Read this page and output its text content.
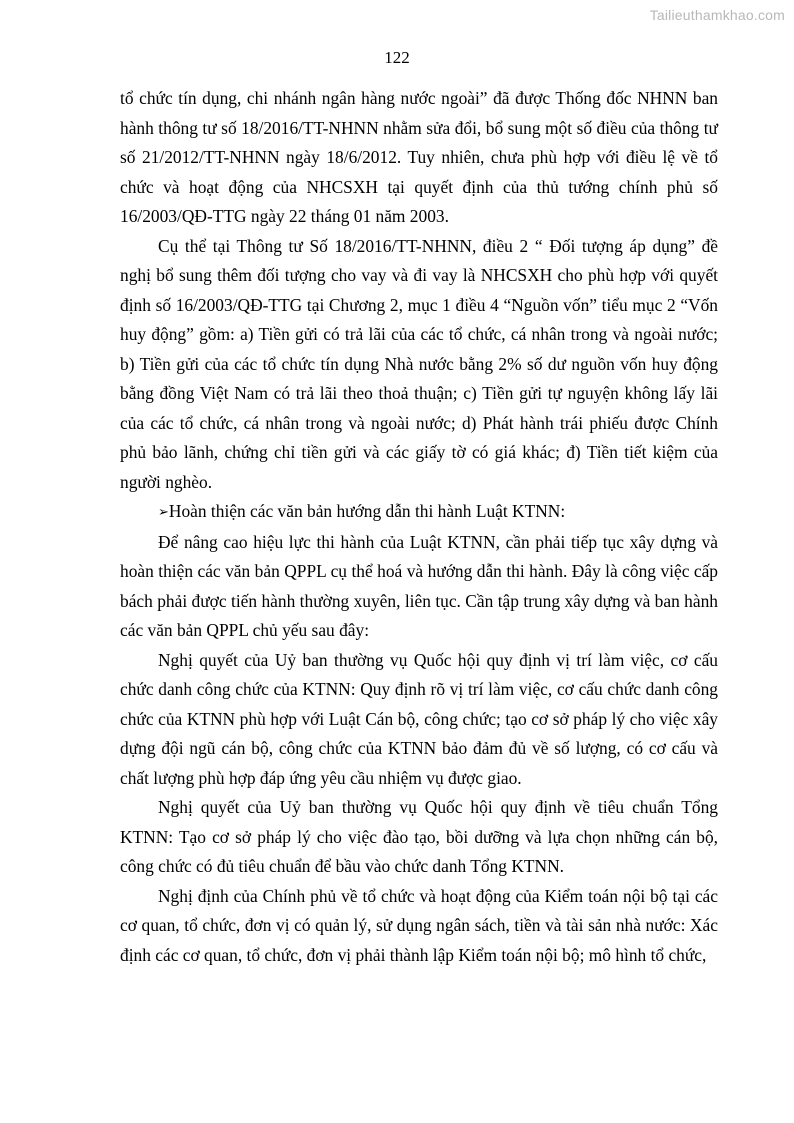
Tailieuthamkhao.com
122

tổ chức tín dụng, chi nhánh ngân hàng nước ngoài” đã được Thống đốc NHNN ban hành thông tư số 18/2016/TT-NHNN nhằm sửa đổi, bổ sung một số điều của thông tư số 21/2012/TT-NHNN ngày 18/6/2012. Tuy nhiên, chưa phù hợp với điều lệ về tổ chức và hoạt động của NHCSXH tại quyết định của thủ tướng chính phủ số 16/2003/QĐ-TTG ngày 22 tháng 01 năm 2003.

Cụ thể tại Thông tư Số 18/2016/TT-NHNN, điều 2 “ Đối tượng áp dụng” đề nghị bổ sung thêm đối tượng cho vay và đi vay là NHCSXH cho phù hợp với quyết định số 16/2003/QĐ-TTG tại Chương 2, mục 1 điều 4 “Nguồn vốn” tiểu mục 2 “Vốn huy động” gồm: a) Tiền gửi có trả lãi của các tổ chức, cá nhân trong và ngoài nước; b) Tiền gửi của các tổ chức tín dụng Nhà nước bằng 2% số dư nguồn vốn huy động bằng đồng Việt Nam có trả lãi theo thoả thuận; c) Tiền gửi tự nguyện không lấy lãi của các tổ chức, cá nhân trong và ngoài nước; d) Phát hành trái phiếu được Chính phủ bảo lãnh, chứng chỉ tiền gửi và các giấy tờ có giá khác; đ) Tiền tiết kiệm của người nghèo.

➢Hoàn thiện các văn bản hướng dẫn thi hành Luật KTNN:

Để nâng cao hiệu lực thi hành của Luật KTNN, cần phải tiếp tục xây dựng và hoàn thiện các văn bản QPPL cụ thể hoá và hướng dẫn thi hành. Đây là công việc cấp bách phải được tiến hành thường xuyên, liên tục. Cần tập trung xây dựng và ban hành các văn bản QPPL chủ yếu sau đây:

Nghị quyết của Uỷ ban thường vụ Quốc hội quy định vị trí làm việc, cơ cấu chức danh công chức của KTNN: Quy định rõ vị trí làm việc, cơ cấu chức danh công chức của KTNN phù hợp với Luật Cán bộ, công chức; tạo cơ sở pháp lý cho việc xây dựng đội ngũ cán bộ, công chức của KTNN bảo đảm đủ về số lượng, có cơ cấu và chất lượng phù hợp đáp ứng yêu cầu nhiệm vụ được giao.

Nghị quyết của Uỷ ban thường vụ Quốc hội quy định về tiêu chuẩn Tổng KTNN: Tạo cơ sở pháp lý cho việc đào tạo, bồi dưỡng và lựa chọn những cán bộ, công chức có đủ tiêu chuẩn để bầu vào chức danh Tổng KTNN.

Nghị định của Chính phủ về tổ chức và hoạt động của Kiểm toán nội bộ tại các cơ quan, tổ chức, đơn vị có quản lý, sử dụng ngân sách, tiền và tài sản nhà nước: Xác định các cơ quan, tổ chức, đơn vị phải thành lập Kiểm toán nội bộ; mô hình tổ chức,
